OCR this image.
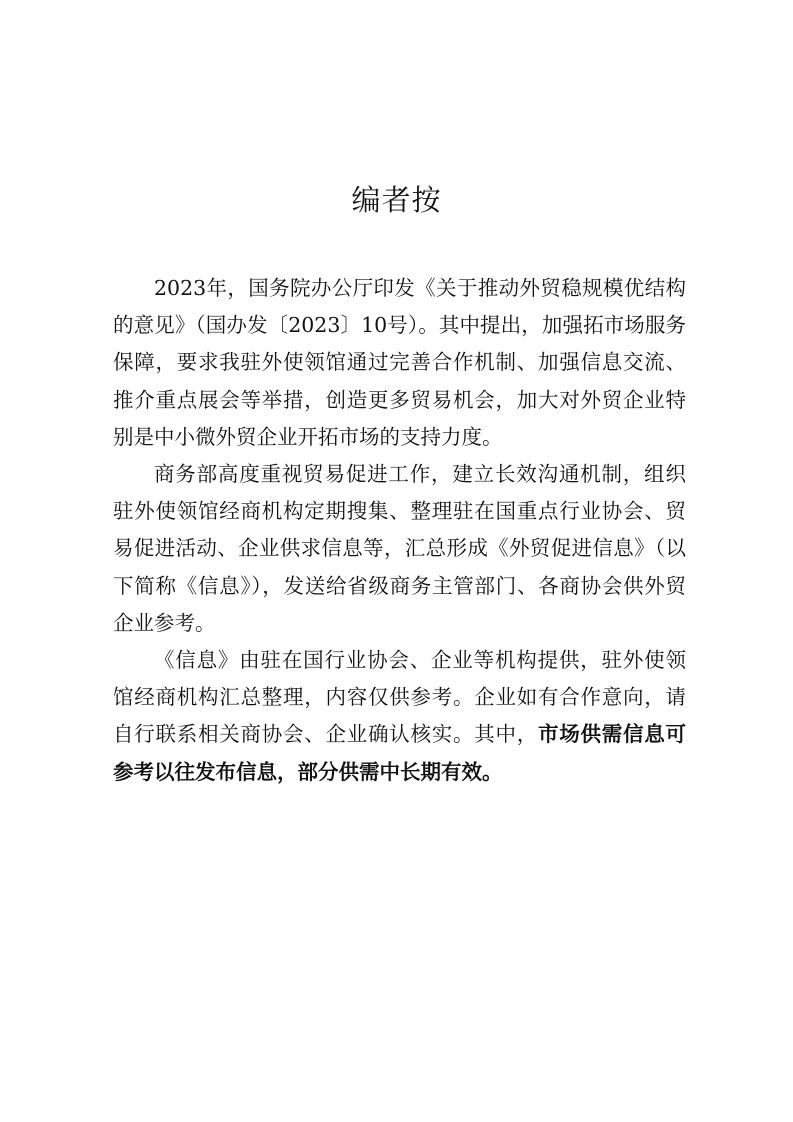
编者按

2023年，国务院办公厅印发《关于推动外贸稳规模优结构的意见》（国办发〔2023〕10号）。其中提出，加强拓市场服务保障，要求我驻外使领馆通过完善合作机制、加强信息交流、推介重点展会等举措，创造更多贸易机会，加大对外贸企业特别是中小微外贸企业开拓市场的支持力度。

商务部高度重视贸易促进工作，建立长效沟通机制，组织驻外使领馆经商机构定期搜集、整理驻在国重点行业协会、贸易促进活动、企业供求信息等，汇总形成《外贸促进信息》（以下简称《信息》），发送给省级商务主管部门、各商协会供外贸企业参考。

《信息》由驻在国行业协会、企业等机构提供，驻外使领馆经商机构汇总整理，内容仅供参考。企业如有合作意向，请自行联系相关商协会、企业确认核实。其中，市场供需信息可参考以往发布信息，部分供需中长期有效。
